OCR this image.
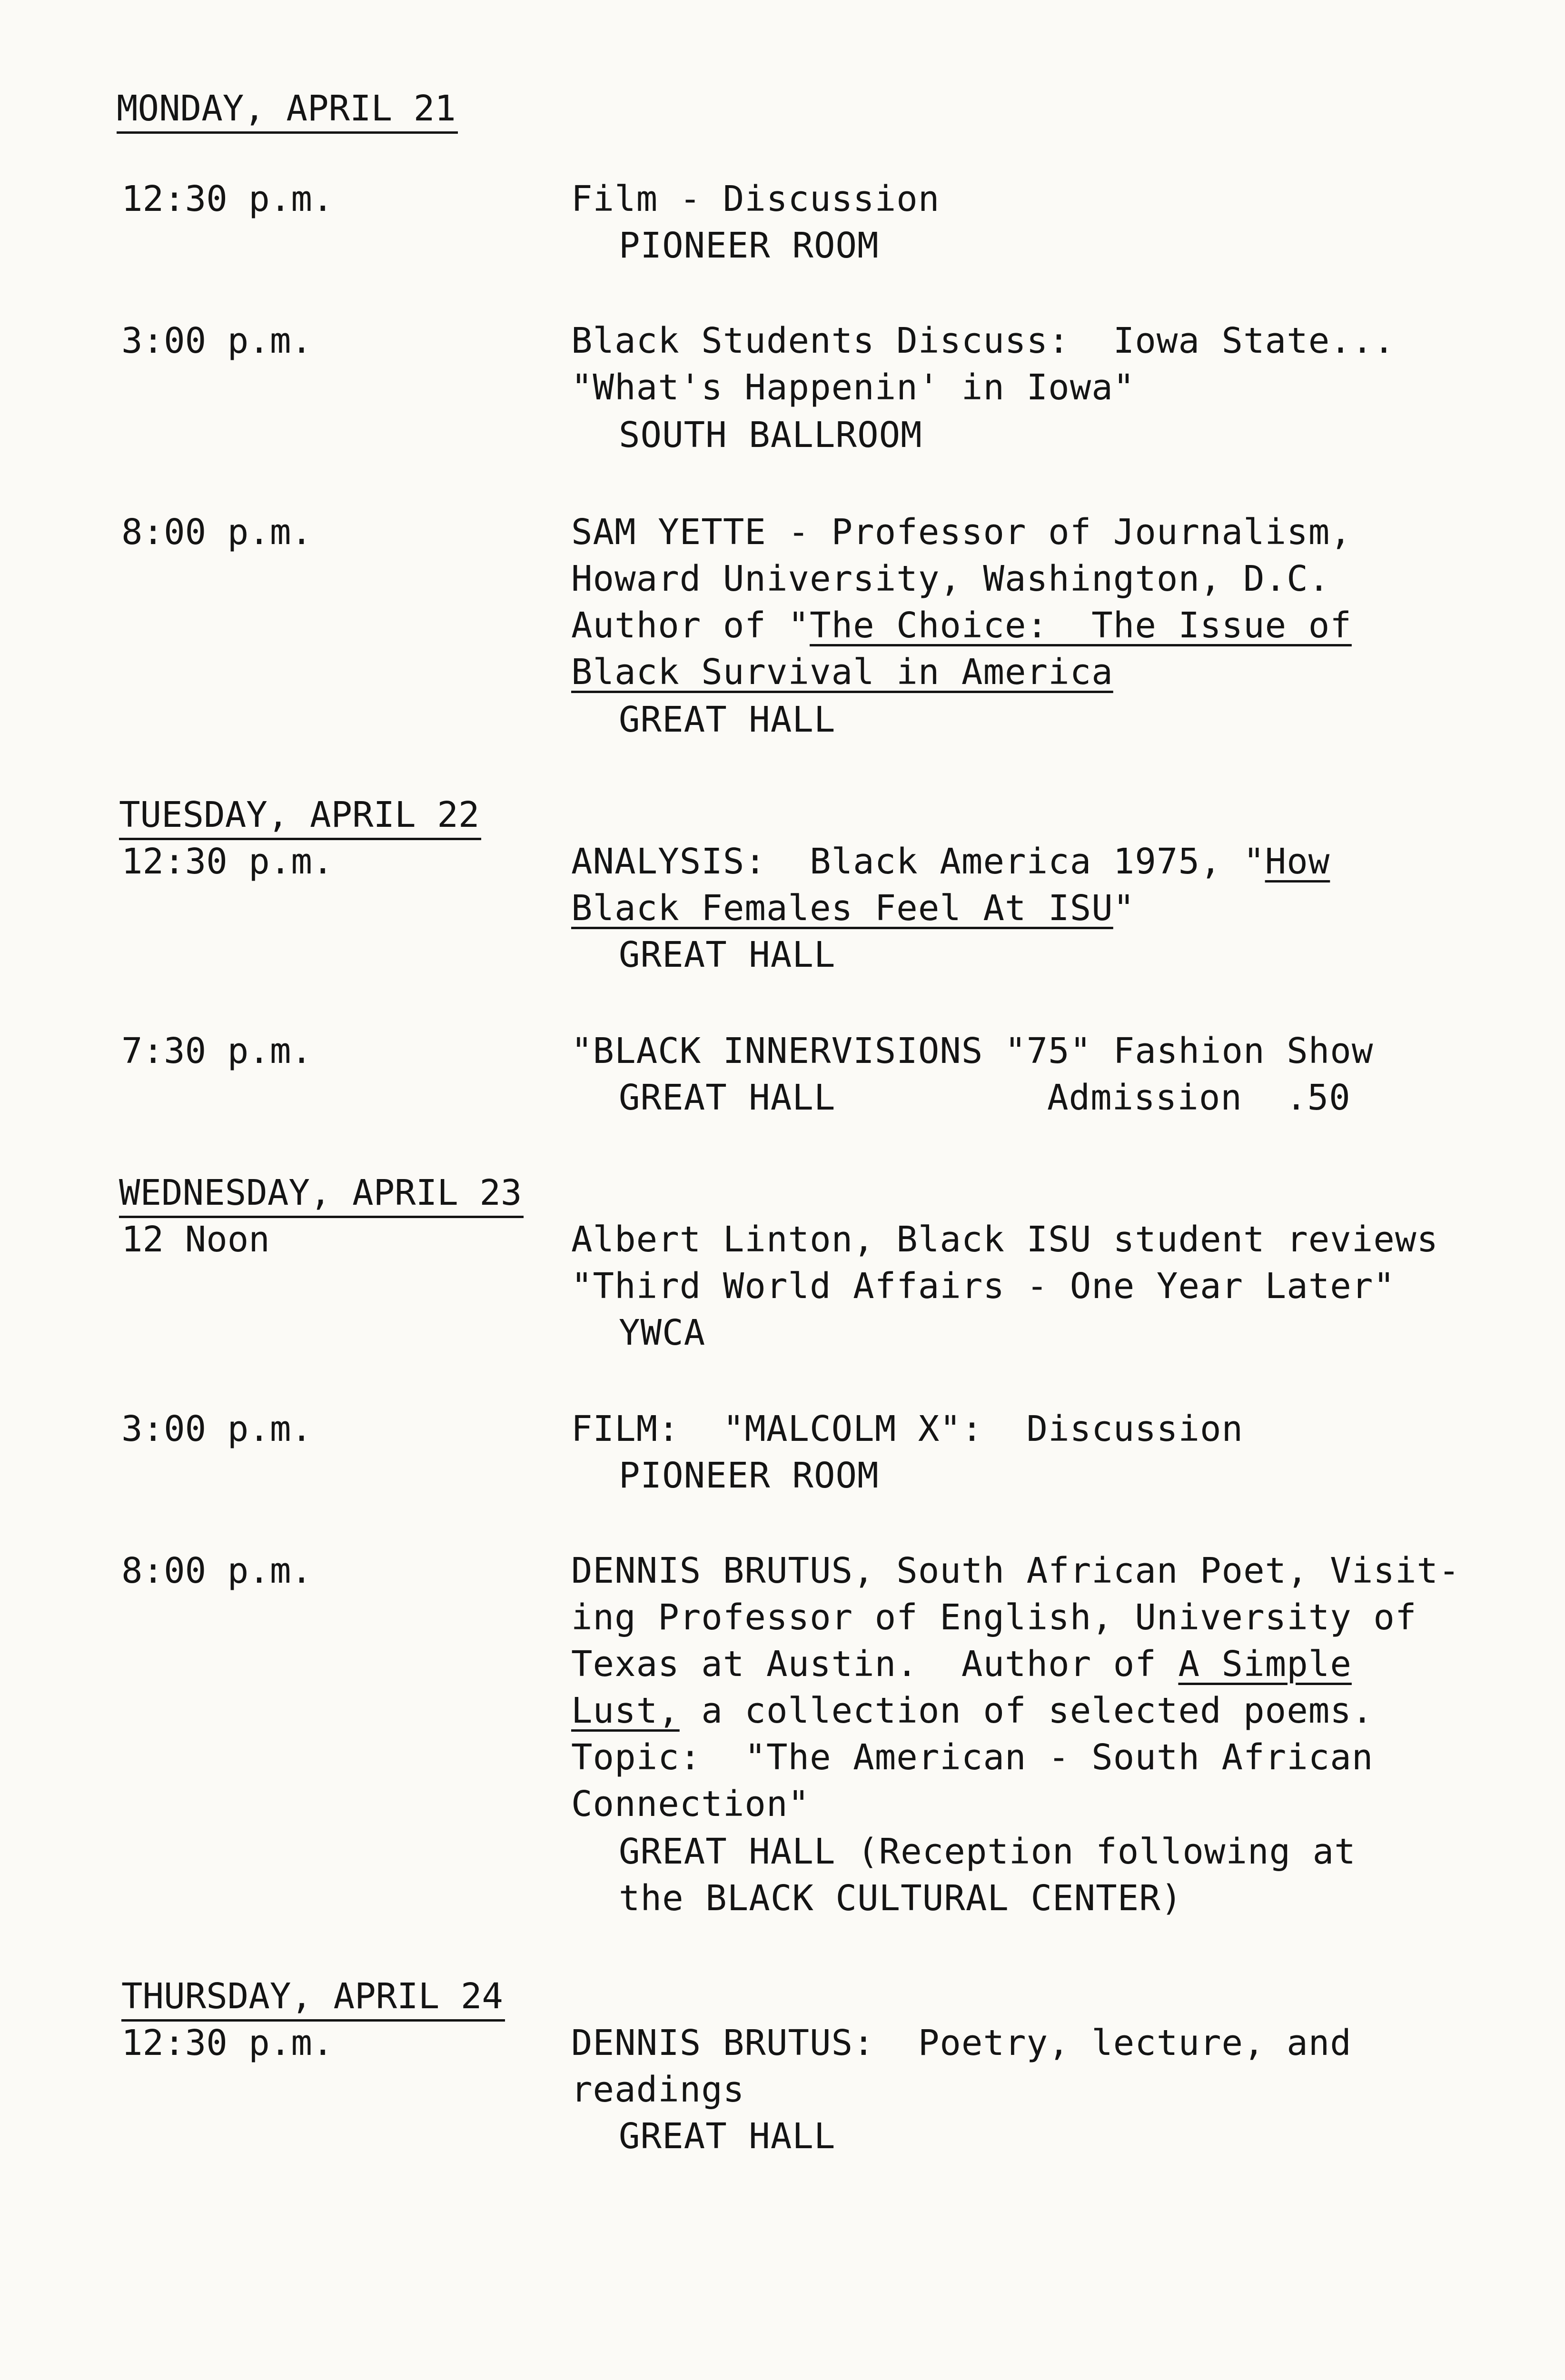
MONDAY, APRIL 21
12:30 p.m.	Film - Discussion
PIONEER ROOM
3:00 p.m.	Black Students Discuss:  Iowa State...
"What's Happenin' in Iowa"
SOUTH BALLROOM
8:00 p.m.	SAM YETTE - Professor of Journalism,
Howard University, Washington, D.C.
Author of "The Choice:  The Issue of
Black Survival in America
GREAT HALL
TUESDAY, APRIL 22
12:30 p.m.	ANALYSIS:  Black America 1975, "How
Black Females Feel At ISU"
GREAT HALL
7:30 p.m.	"BLACK INNERVISIONS "75" Fashion Show
GREAT HALL	Admission  .50
WEDNESDAY, APRIL 23
12 Noon	Albert Linton, Black ISU student reviews
"Third World Affairs - One Year Later"
YWCA
3:00 p.m.	FILM:  "MALCOLM X":  Discussion
PIONEER ROOM
8:00 p.m.	DENNIS BRUTUS, South African Poet, Visit-
ing Professor of English, University of
Texas at Austin.  Author of A Simple
Lust, a collection of selected poems.
Topic:  "The American - South African
Connection"
GREAT HALL (Reception following at
the BLACK CULTURAL CENTER)
THURSDAY, APRIL 24
12:30 p.m.	DENNIS BRUTUS:  Poetry, lecture, and
readings
GREAT HALL
